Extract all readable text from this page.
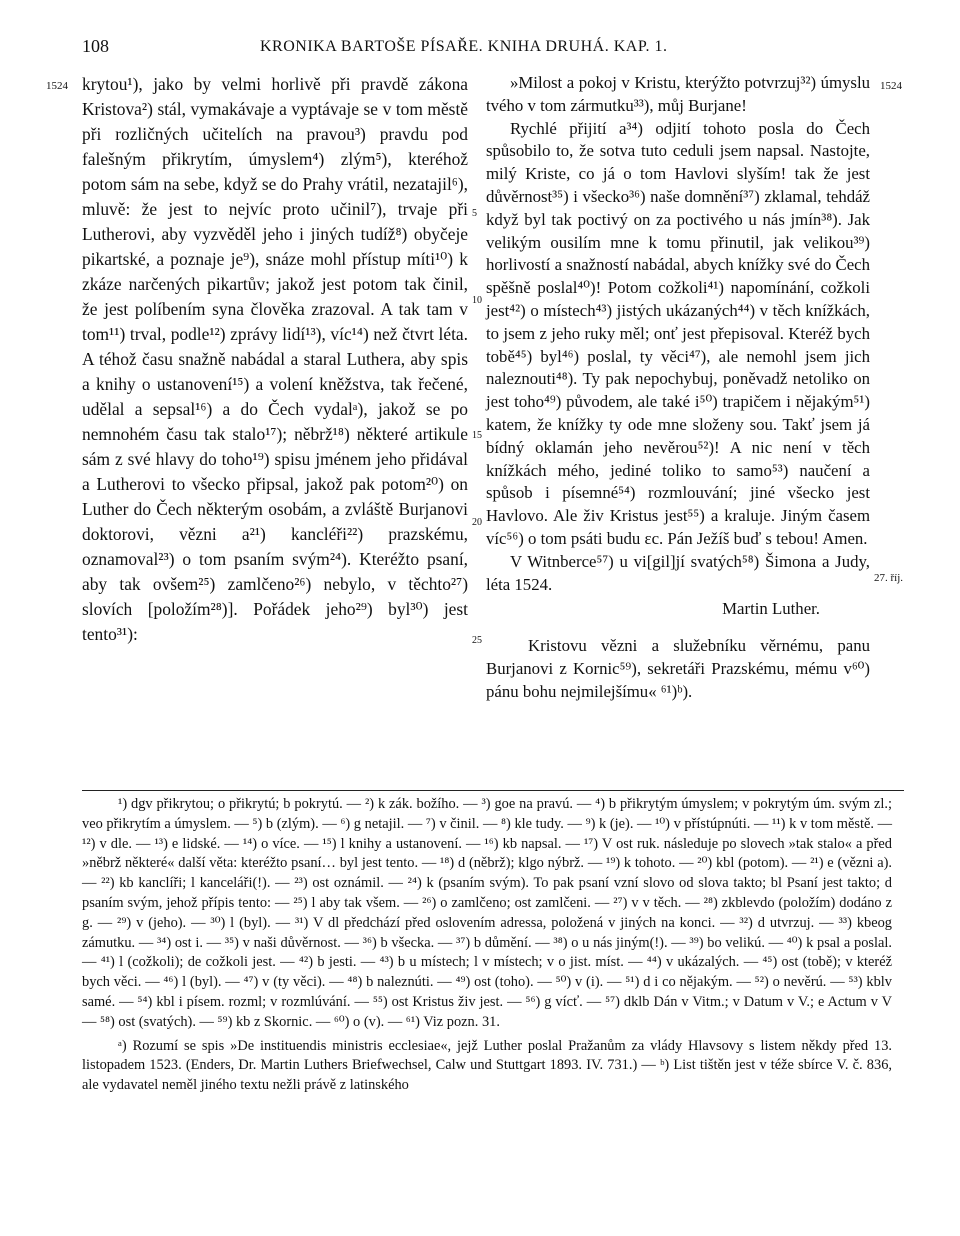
108	KRONIKA BARTOŠE PÍSAŘE. KNIHA DRUHÁ. KAP. 1.
1524	1524
27. říj.
5
10
15
20
25

krytou¹), jako by velmi horlivě při pravdě zákona Kristova²) stál, vymakávaje a vyptávaje se v tom městě při rozličných učitelích na pravou³) pravdu pod falešným přikrytím, úmyslem⁴) zlým⁵), kteréhož potom sám na sebe, když se do Prahy vrátil, nezatajil⁶), mluvě: že jest to nejvíc proto učinil⁷), trvaje při Lutherovi, aby vyzvěděl jeho i jiných tudíž⁸) obyčeje pikartské, a poznaje je⁹), snáze mohl přístup míti¹⁰) k zkáze narčených pikartův; jakož jest potom tak činil, že jest políbením syna člověka zrazoval. A tak tam v tom¹¹) trval, podle¹²) zprávy lidí¹³), víc¹⁴) než čtvrt léta. A téhož času snažně nabádal a staral Luthera, aby spis a knihy o ustanovení¹⁵) a volení kněžstva, tak řečené, udělal a sepsal¹⁶) a do Čech vydalᵃ), jakož se po nemnohém času tak stalo¹⁷); něbrž¹⁸) některé artikule sám z své hlavy do toho¹⁹) spisu jménem jeho přidával a Lutherovi to všecko připsal, jakož pak potom²⁰) on Luther do Čech některým osobám, a zvláště Burjanovi doktorovi, vězni a²¹) kancléři²²) prazskému, oznamoval²³) o tom psaním svým²⁴). Kteréžto psaní, aby tak ovšem²⁵) zamlčeno²⁶) nebylo, v těchto²⁷) slovích [položím²⁸)]. Pořádek jeho²⁹) byl³⁰) jest tento³¹):

»Milost a pokoj v Kristu, kterýžto potvrzuj³²) úmyslu tvého v tom zármutku³³), můj Burjane!

Rychlé přijití a³⁴) odjití tohoto posla do Čech spůsobilo to, že sotva tuto ceduli jsem napsal. Nastojte, milý Kriste, co já o tom Havlovi slyším! tak že jest důvěrnost³⁵) i všecko³⁶) naše domnění³⁷) zklamal, tehdáž když byl tak poctivý on za poctivého u nás jmín³⁸). Jak velikým ousilím mne k tomu přinutil, jak velikou³⁹) horlivostí a snažností nabádal, abych knížky své do Čech spěšně poslal⁴⁰)! Potom cožkoli⁴¹) napomínání, cožkoli jest⁴²) o místech⁴³) jistých ukázaných⁴⁴) v těch knížkách, to jsem z jeho ruky měl; onť jest přepisoval. Kteréž bych tobě⁴⁵) byl⁴⁶) poslal, ty věci⁴⁷), ale nemohl jsem jich naleznouti⁴⁸). Ty pak nepochybuj, poněvadž netoliko on jest toho⁴⁹) původem, ale také i⁵⁰) trapičem i nějakým⁵¹) katem, že knížky ty ode mne složeny sou. Takť jsem já bídný oklamán jeho nevěrou⁵²)! A nic není v těch knížkách mého, jediné toliko to samo⁵³) naučení a spůsob i písemné⁵⁴) rozmlouvání; jiné všecko jest Havlovo. Ale živ Kristus jest⁵⁵) a kraluje. Jiným časem víc⁵⁶) o tom psáti budu ɛc. Pán Ježíš buď s tebou! Amen.

V Witnberce⁵⁷) u vi[gil]jí svatých⁵⁸) Šimona a Judy, léta 1524.

Martin Luther.

Kristovu vězni a služebníku věrnému, panu Burjanovi z Kornic⁵⁹), sekretáři Prazskému, mému v⁶⁰) pánu bohu nejmilejšímu« ⁶¹)ᵇ).

¹) dgv přikrytou; o přikrytú; b pokrytú. — ²) k zák. božího. — ³) goe na pravú. — ⁴) b přikrytým úmyslem; v pokrytým úm. svým zl.; veo přikrytím a úmyslem. — ⁵) b (zlým). — ⁶) g netajil. — ⁷) v činil. — ⁸) kle tudy. — ⁹) k (je). — ¹⁰) v přístúpnúti. — ¹¹) k v tom městě. — ¹²) v dle. — ¹³) e lidské. — ¹⁴) o více. — ¹⁵) l knihy a ustanovení. — ¹⁶) kb napsal. — ¹⁷) V ost ruk. následuje po slovech »tak stalo« a před »něbrž některé« další věta: kteréžto psaní… byl jest tento. — ¹⁸) d (něbrž); klgo nýbrž. — ¹⁹) k tohoto. — ²⁰) kbl (potom). — ²¹) e (vězni a). — ²²) kb kanclíři; l kanceláři(!). — ²³) ost oznámil. — ²⁴) k (psaním svým). To pak psaní vzní slovo od slova takto; bl Psaní jest takto; d psaním svým, jehož přípis tento: — ²⁵) l aby tak všem. — ²⁶) o zamlčeno; ost zamlčeni. — ²⁷) v v těch. — ²⁸) zkblevdo (položím) dodáno z g. — ²⁹) v (jeho). — ³⁰) l (byl). — ³¹) V dl předchází před oslovením adressa, položená v jiných na konci. — ³²) d utvrzuj. — ³³) kbeog zámutku. — ³⁴) ost i. — ³⁵) v naši důvěrnost. — ³⁶) b všecka. — ³⁷) b důmění. — ³⁸) o u nás jiným(!). — ³⁹) bo velikú. — ⁴⁰) k psal a poslal. — ⁴¹) l (cožkoli); de cožkoli jest. — ⁴²) b jesti. — ⁴³) b u místech; l v místech; v o jist. míst. — ⁴⁴) v ukázalých. — ⁴⁵) ost (tobě); v kteréž bych věci. — ⁴⁶) l (byl). — ⁴⁷) v (ty věci). — ⁴⁸) b naleznúti. — ⁴⁹) ost (toho). — ⁵⁰) v (i). — ⁵¹) d i co nějakým. — ⁵²) o nevěrú. — ⁵³) kblv samé. — ⁵⁴) kbl i písem. rozml; v rozmlúvání. — ⁵⁵) ost Kristus živ jest. — ⁵⁶) g vícť. — ⁵⁷) dklb Dán v Vitm.; v Datum v V.; e Actum v V — ⁵⁸) ost (svatých). — ⁵⁹) kb z Skornic. — ⁶⁰) o (v). — ⁶¹) Viz pozn. 31.

ᵃ) Rozumí se spis »De instituendis ministris ecclesiae«, jejž Luther poslal Pražanům za vlády Hlavsovy s listem někdy před 13. listopadem 1523. (Enders, Dr. Martin Luthers Briefwechsel, Calw und Stuttgart 1893. IV. 731.) — ᵇ) List tištěn jest v téže sbírce V. č. 836, ale vydavatel neměl jiného textu nežli právě z latinského
